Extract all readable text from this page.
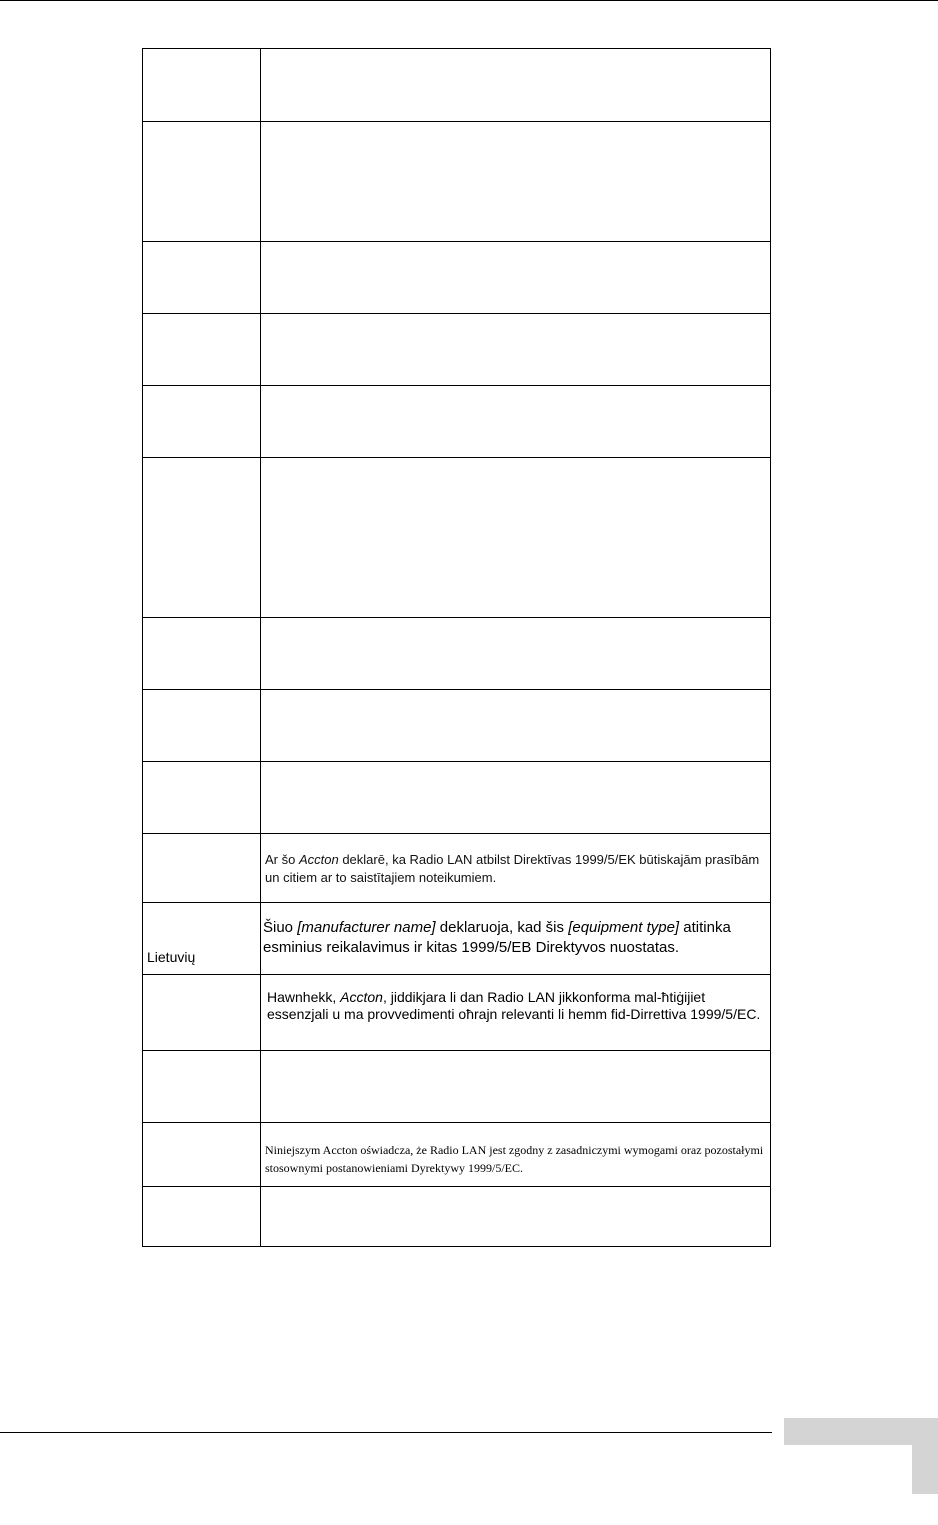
	Ar šo Accton deklarē, ka Radio LAN atbilst Direktīvas 1999/5/EK būtiskajām prasībām un citiem ar to saistītajiem noteikumiem.

Lietuvių	Šiuo [manufacturer name] deklaruoja, kad šis [equipment type] atitinka esminius reikalavimus ir kitas 1999/5/EB Direktyvos nuostatas.

	Hawnhekk, Accton, jiddikjara li dan Radio LAN jikkonforma mal-ħtiġijiet essenzjali u ma provvedimenti oħrajn relevanti li hemm fid-Dirrettiva 1999/5/EC.

	Niniejszym Accton oświadcza, że Radio LAN jest zgodny z zasadniczymi wymogami oraz pozostałymi stosownymi postanowieniami Dyrektywy 1999/5/EC.
